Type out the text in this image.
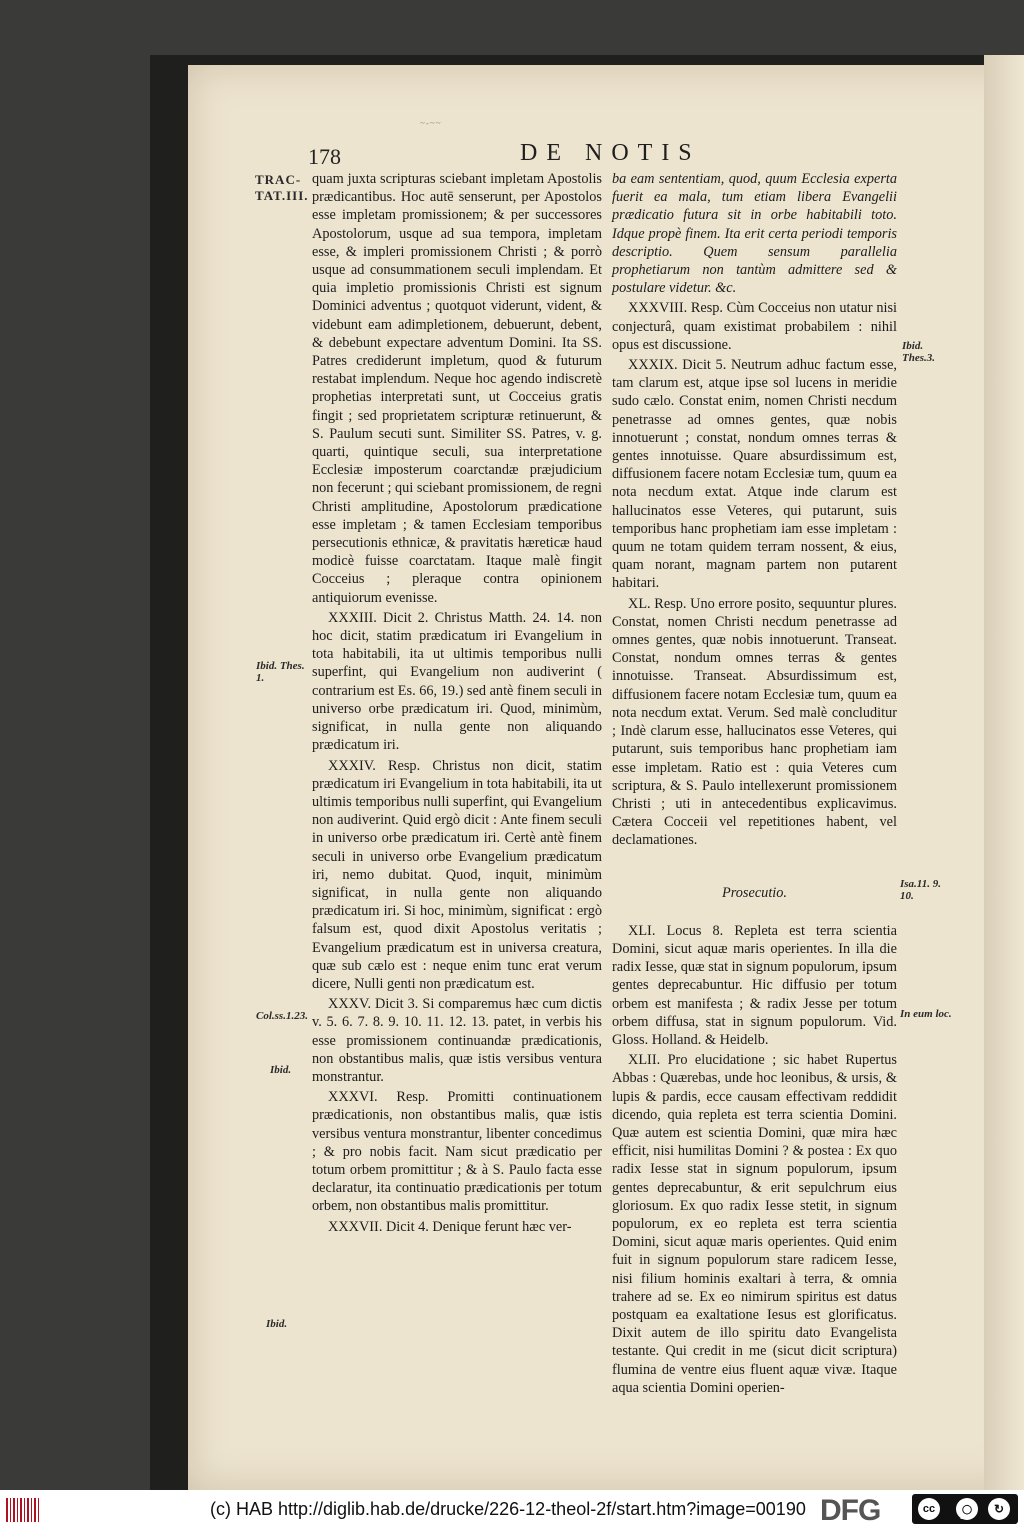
~-~~
178	DE NOTIS
TRAC-
TAT.III.
Ibid. Thes.
1.
Col.ss.1.23.
Ibid.
Ibid.
Ibid.
Thes.3.
Isa.11. 9.
10.
In eum loc.

quam juxta scripturas sciebant impletam Apostolis prædicantibus. Hoc autē senserunt, per Apostolos esse impletam promissionem; & per successores Apostolorum, usque ad sua tempora, impletam esse, & impleri promissionem Christi ; & porrò usque ad consummationem seculi implendam. Et quia impletio promissionis Christi est signum Dominici adventus ; quotquot viderunt, vident, & videbunt eam adimpletionem, debuerunt, debent, & debebunt expectare adventum Domini. Ita SS. Patres crediderunt impletum, quod & futurum restabat implendum. Neque hoc agendo indiscretè prophetias interpretati sunt, ut Cocceius gratis fingit ; sed proprietatem scripturæ retinuerunt, & S. Paulum secuti sunt. Similiter SS. Patres, v. g. quarti, quintique seculi, sua interpretatione Ecclesiæ imposterum coarctandæ præjudicium non fecerunt ; qui sciebant promissionem, de regni Christi amplitudine, Apostolorum prædicatione esse impletam ; & tamen Ecclesiam temporibus persecutionis ethnicæ, & pravitatis hæreticæ haud modicè fuisse coarctatam. Itaque malè fingit Cocceius ; pleraque contra opinionem antiquiorum evenisse.

XXXIII. Dicit 2. Christus Matth. 24. 14. non hoc dicit, statim prædicatum iri Evangelium in tota habitabili, ita ut ultimis temporibus nulli superfint, qui Evangelium non audiverint ( contrarium est Es. 66, 19.) sed antè finem seculi in universo orbe prædicatum iri. Quod, minimùm, significat, in nulla gente non aliquando prædicatum iri.

XXXIV. Resp. Christus non dicit, statim prædicatum iri Evangelium in tota habitabili, ita ut ultimis temporibus nulli superfint, qui Evangelium non audiverint. Quid ergò dicit : Ante finem seculi in universo orbe prædicatum iri. Certè antè finem seculi in universo orbe Evangelium prædicatum iri, nemo dubitat. Quod, inquit, minimùm significat, in nulla gente non aliquando prædicatum iri. Si hoc, minimùm, significat : ergò falsum est, quod dixit Apostolus veritatis ; Evangelium prædicatum est in universa creatura, quæ sub cælo est : neque enim tunc erat verum dicere, Nulli genti non prædicatum est.

XXXV. Dicit 3. Si comparemus hæc cum dictis v. 5. 6. 7. 8. 9. 10. 11. 12. 13. patet, in verbis his esse promissionem continuandæ prædicationis, non obstantibus malis, quæ istis versibus ventura monstrantur.

XXXVI. Resp. Promitti continuationem prædicationis, non obstantibus malis, quæ istis versibus ventura monstrantur, libenter concedimus ; & pro nobis facit. Nam sicut prædicatio per totum orbem promittitur ; & à S. Paulo facta esse declaratur, ita continuatio prædicationis per totum orbem, non obstantibus malis promittitur.

XXXVII. Dicit 4. Denique ferunt hæc ver-

ba eam sententiam, quod, quum Ecclesia experta fuerit ea mala, tum etiam libera Evangelii prædicatio futura sit in orbe habitabili toto. Idque propè finem. Ita erit certa periodi temporis descriptio. Quem sensum parallelia prophetiarum non tantùm admittere sed & postulare videtur. &c.

XXXVIII. Resp. Cùm Cocceius non utatur nisi conjecturâ, quam existimat probabilem : nihil opus est discussione.

XXXIX. Dicit 5. Neutrum adhuc factum esse, tam clarum est, atque ipse sol lucens in meridie sudo cælo. Constat enim, nomen Christi necdum penetrasse ad omnes gentes, quæ nobis innotuerunt ; constat, nondum omnes terras & gentes innotuisse. Quare absurdissimum est, diffusionem facere notam Ecclesiæ tum, quum ea nota necdum extat. Atque inde clarum est hallucinatos esse Veteres, qui putarunt, suis temporibus hanc prophetiam iam esse impletam : quum ne totam quidem terram nossent, & eius, quam norant, magnam partem non putarent habitari.

XL. Resp. Uno errore posito, sequuntur plures. Constat, nomen Christi necdum penetrasse ad omnes gentes, quæ nobis innotuerunt. Transeat. Constat, nondum omnes terras & gentes innotuisse. Transeat. Absurdissimum est, diffusionem facere notam Ecclesiæ tum, quum ea nota necdum extat. Verum. Sed malè concluditur ; Indè clarum esse, hallucinatos esse Veteres, qui putarunt, suis temporibus hanc prophetiam iam esse impletam. Ratio est : quia Veteres cum scriptura, & S. Paulo intellexerunt promissionem Christi ; uti in antecedentibus explicavimus. Cætera Cocceii vel repetitiones habent, vel declamationes.

Prosecutio.

XLI. Locus 8. Repleta est terra scientia Domini, sicut aquæ maris operientes. In illa die radix Iesse, quæ stat in signum populorum, ipsum gentes deprecabuntur. Hic diffusio per totum orbem est manifesta ; & radix Jesse per totum orbem diffusa, stat in signum populorum. Vid. Gloss. Holland. & Heidelb.

XLII. Pro elucidatione ; sic habet Rupertus Abbas : Quærebas, unde hoc leonibus, & ursis, & lupis & pardis, ecce causam effectivam reddidit dicendo, quia repleta est terra scientia Domini. Quæ autem est scientia Domini, quæ mira hæc efficit, nisi humilitas Domini ? & postea : Ex quo radix Iesse stat in signum populorum, ipsum gentes deprecabuntur, & erit sepulchrum eius gloriosum. Ex quo radix Iesse stetit, in signum populorum, ex eo repleta est terra scientia Domini, sicut aquæ maris operientes. Quid enim fuit in signum populorum stare radicem Iesse, nisi filium hominis exaltari à terra, & omnia trahere ad se. Ex eo nimirum spiritus est datus postquam ea exaltatione Iesus est glorificatus. Dixit autem de illo spiritu dato Evangelista testante. Qui credit in me (sicut dicit scriptura) flumina de ventre eius fluent aquæ vivæ. Itaque aqua scientia Domini operien-

(c) HAB http://diglib.hab.de/drucke/226-12-theol-2f/start.htm?image=00190 DFG	cc	◯	↻
BY	SA
